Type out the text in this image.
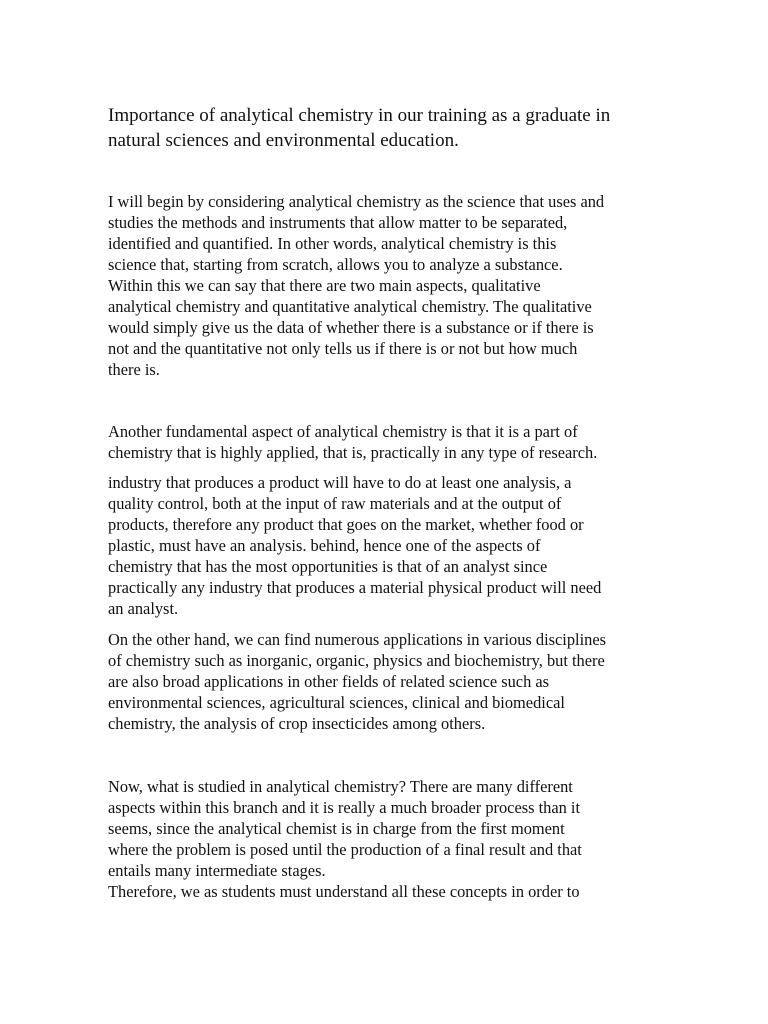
Importance of analytical chemistry in our training as a graduate in
natural sciences and environmental education.

I will begin by considering analytical chemistry as the science that uses and

studies the methods and instruments that allow matter to be separated,

identified and quantified. In other words, analytical chemistry is this

science that, starting from scratch, allows you to analyze a substance.

Within this we can say that there are two main aspects, qualitative

analytical chemistry and quantitative analytical chemistry. The qualitative

would simply give us the data of whether there is a substance or if there is

not and the quantitative not only tells us if there is or not but how much

there is.

Another fundamental aspect of analytical chemistry is that it is a part of

chemistry that is highly applied, that is, practically in any type of research.

industry that produces a product will have to do at least one analysis, a

quality control, both at the input of raw materials and at the output of

products, therefore any product that goes on the market, whether food or

plastic, must have an analysis. behind, hence one of the aspects of

chemistry that has the most opportunities is that of an analyst since

practically any industry that produces a material physical product will need

an analyst.

On the other hand, we can find numerous applications in various disciplines

of chemistry such as inorganic, organic, physics and biochemistry, but there

are also broad applications in other fields of related science such as

environmental sciences, agricultural sciences, clinical and biomedical

chemistry, the analysis of crop insecticides among others.

Now, what is studied in analytical chemistry? There are many different

aspects within this branch and it is really a much broader process than it

seems, since the analytical chemist is in charge from the first moment

where the problem is posed until the production of a final result and that

entails many intermediate stages.

Therefore, we as students must understand all these concepts in order to
